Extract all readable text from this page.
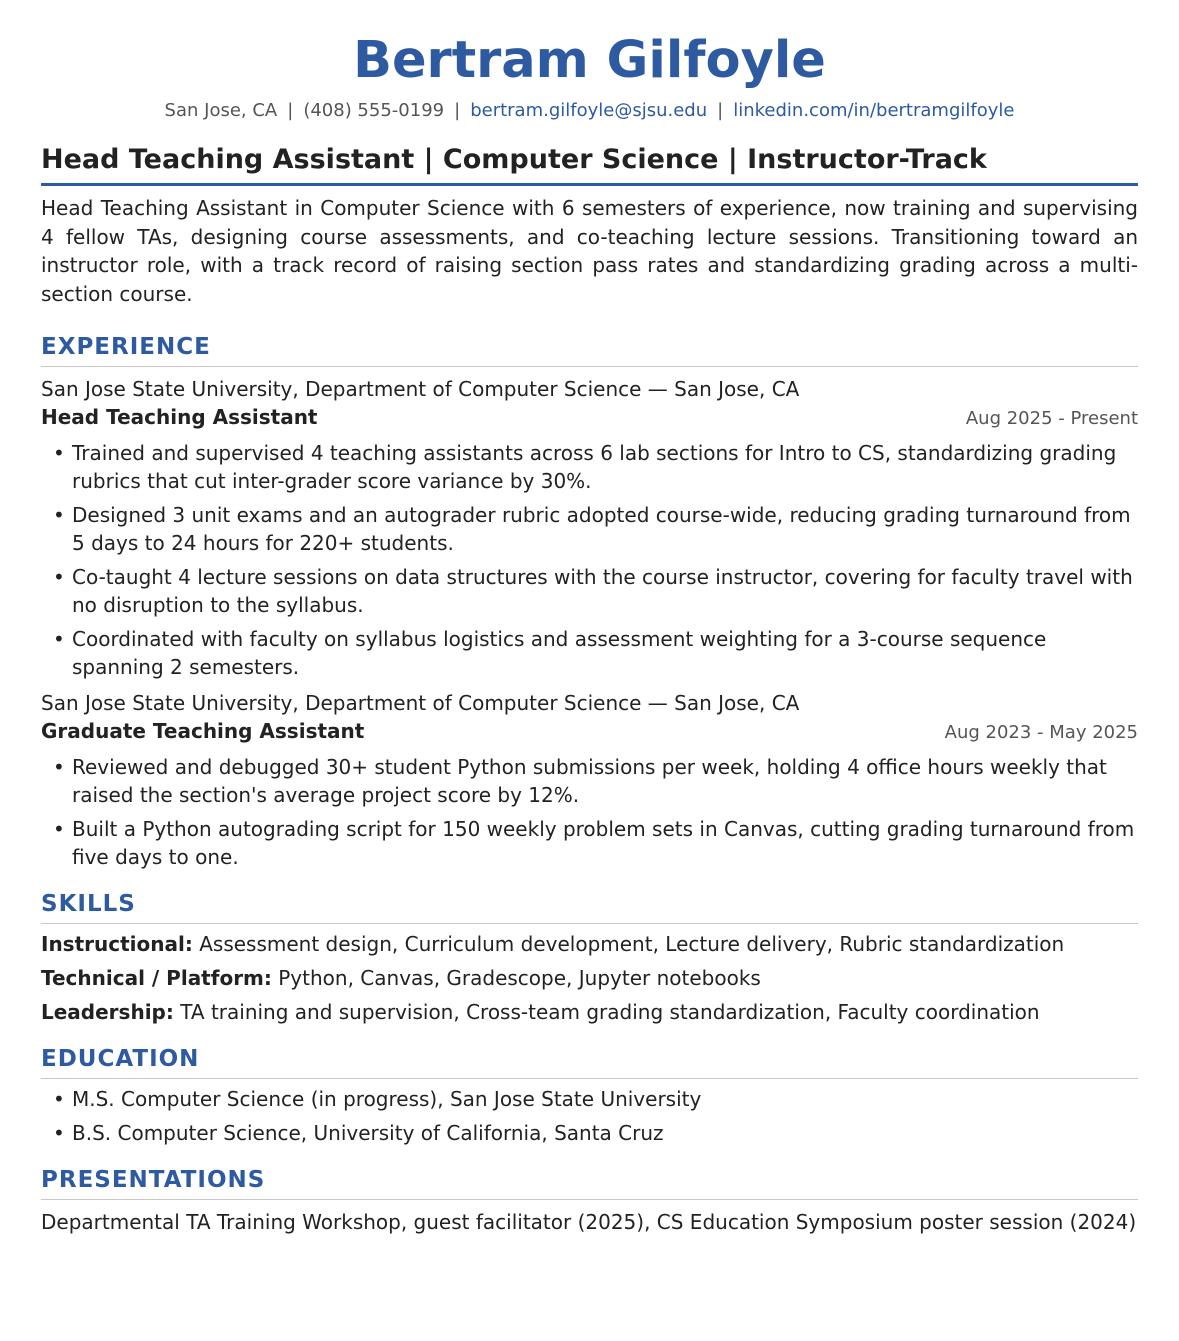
Bertram Gilfoyle
San Jose, CA | (408) 555-0199 | bertram.gilfoyle@sjsu.edu | linkedin.com/in/bertramgilfoyle
Head Teaching Assistant | Computer Science | Instructor-Track
Head Teaching Assistant in Computer Science with 6 semesters of experience, now training and supervising 4 fellow TAs, designing course assessments, and co-teaching lecture sessions. Transitioning toward an instructor role, with a track record of raising section pass rates and standardizing grading across a multi-section course.
EXPERIENCE
San Jose State University, Department of Computer Science — San Jose, CA
Head Teaching Assistant	Aug 2025 - Present
• Trained and supervised 4 teaching assistants across 6 lab sections for Intro to CS, standardizing grading rubrics that cut inter-grader score variance by 30%.
• Designed 3 unit exams and an autograder rubric adopted course-wide, reducing grading turnaround from 5 days to 24 hours for 220+ students.
• Co-taught 4 lecture sessions on data structures with the course instructor, covering for faculty travel with no disruption to the syllabus.
• Coordinated with faculty on syllabus logistics and assessment weighting for a 3-course sequence spanning 2 semesters.
San Jose State University, Department of Computer Science — San Jose, CA
Graduate Teaching Assistant	Aug 2023 - May 2025
• Reviewed and debugged 30+ student Python submissions per week, holding 4 office hours weekly that raised the section's average project score by 12%.
• Built a Python autograding script for 150 weekly problem sets in Canvas, cutting grading turnaround from five days to one.
SKILLS
Instructional: Assessment design, Curriculum development, Lecture delivery, Rubric standardization
Technical / Platform: Python, Canvas, Gradescope, Jupyter notebooks
Leadership: TA training and supervision, Cross-team grading standardization, Faculty coordination
EDUCATION
• M.S. Computer Science (in progress), San Jose State University
• B.S. Computer Science, University of California, Santa Cruz
PRESENTATIONS
Departmental TA Training Workshop, guest facilitator (2025), CS Education Symposium poster session (2024)
